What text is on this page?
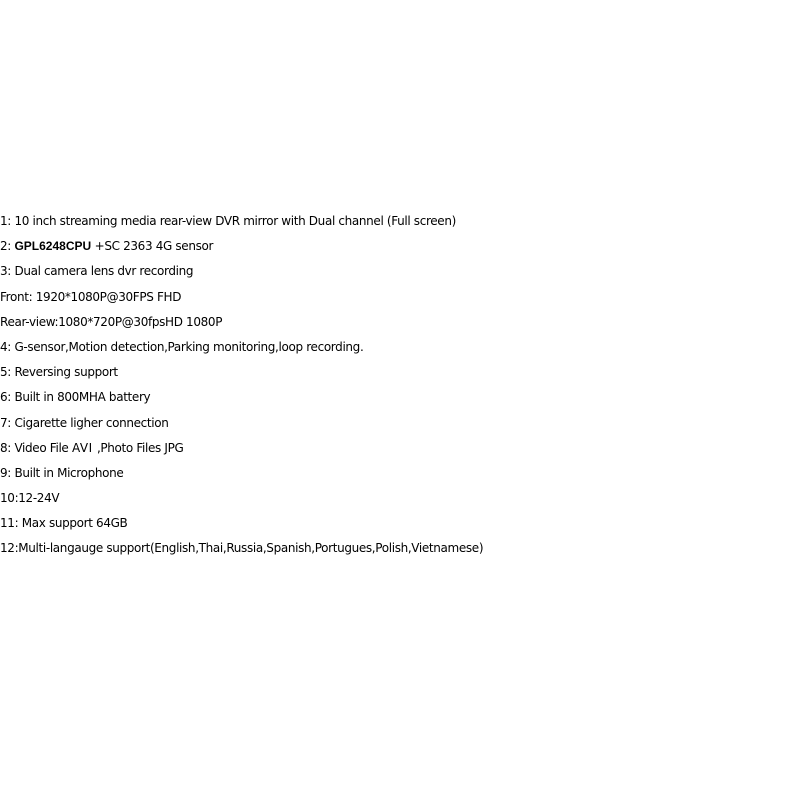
1: 10 inch streaming media rear-view DVR mirror with Dual channel (Full screen)
2: GPL6248CPU +SC 2363 4G sensor
3: Dual camera lens dvr recording
Front: 1920*1080P@30FPS FHD
Rear-view:1080*720P@30fpsHD 1080P
4: G-sensor,Motion detection,Parking monitoring,loop recording.
5: Reversing support
6: Built in 800MHA battery
7: Cigarette ligher connection
8: Video File AVI ,Photo Files JPG
9: Built in Microphone
10:12-24V
11: Max support 64GB
12:Multi-langauge support(English,Thai,Russia,Spanish,Portugues,Polish,Vietnamese)
